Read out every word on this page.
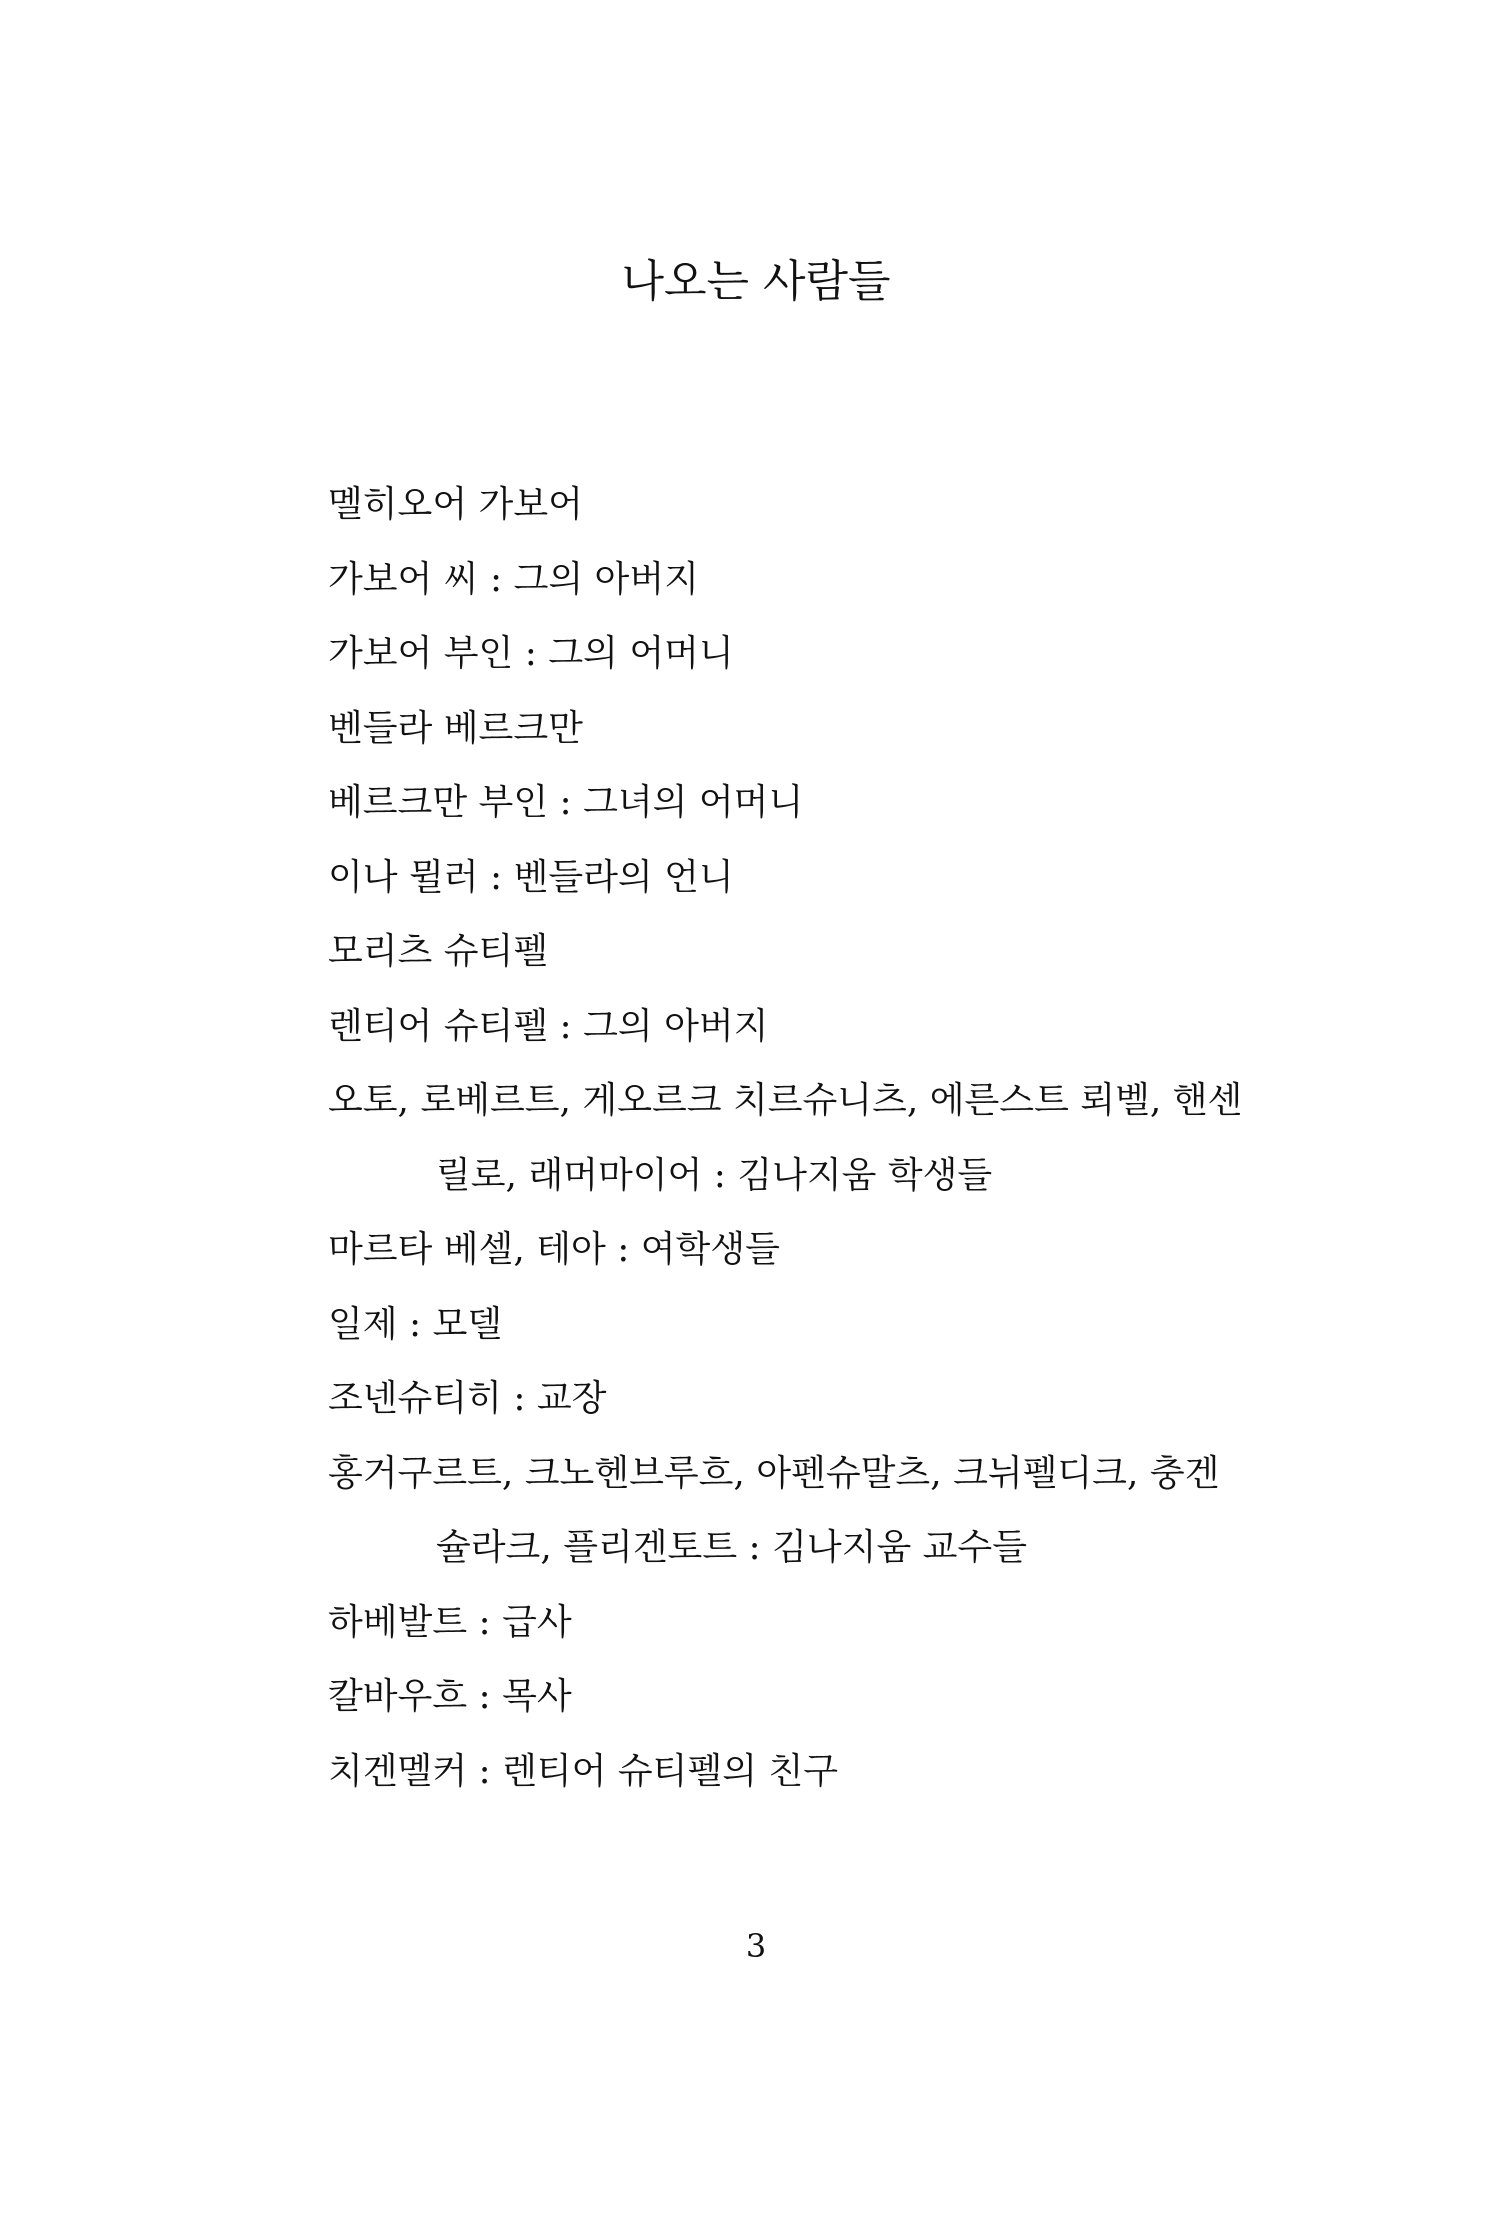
나오는 사람들
멜히오어 가보어
가보어 씨 : 그의 아버지
가보어 부인 : 그의 어머니
벤들라 베르크만
베르크만 부인 : 그녀의 어머니
이나 뮐러 : 벤들라의 언니
모리츠 슈티펠
렌티어 슈티펠 : 그의 아버지
오토, 로베르트, 게오르크 치르슈니츠, 에른스트 뢰벨, 핸센
릴로, 래머마이어 : 김나지움 학생들
마르타 베셀, 테아 : 여학생들
일제 : 모델
조넨슈티히 : 교장
홍거구르트, 크노헨브루흐, 아펜슈말츠, 크뉘펠디크, 충겐
슐라크, 플리겐토트 : 김나지움 교수들
하베발트 : 급사
칼바우흐 : 목사
치겐멜커 : 렌티어 슈티펠의 친구
3
